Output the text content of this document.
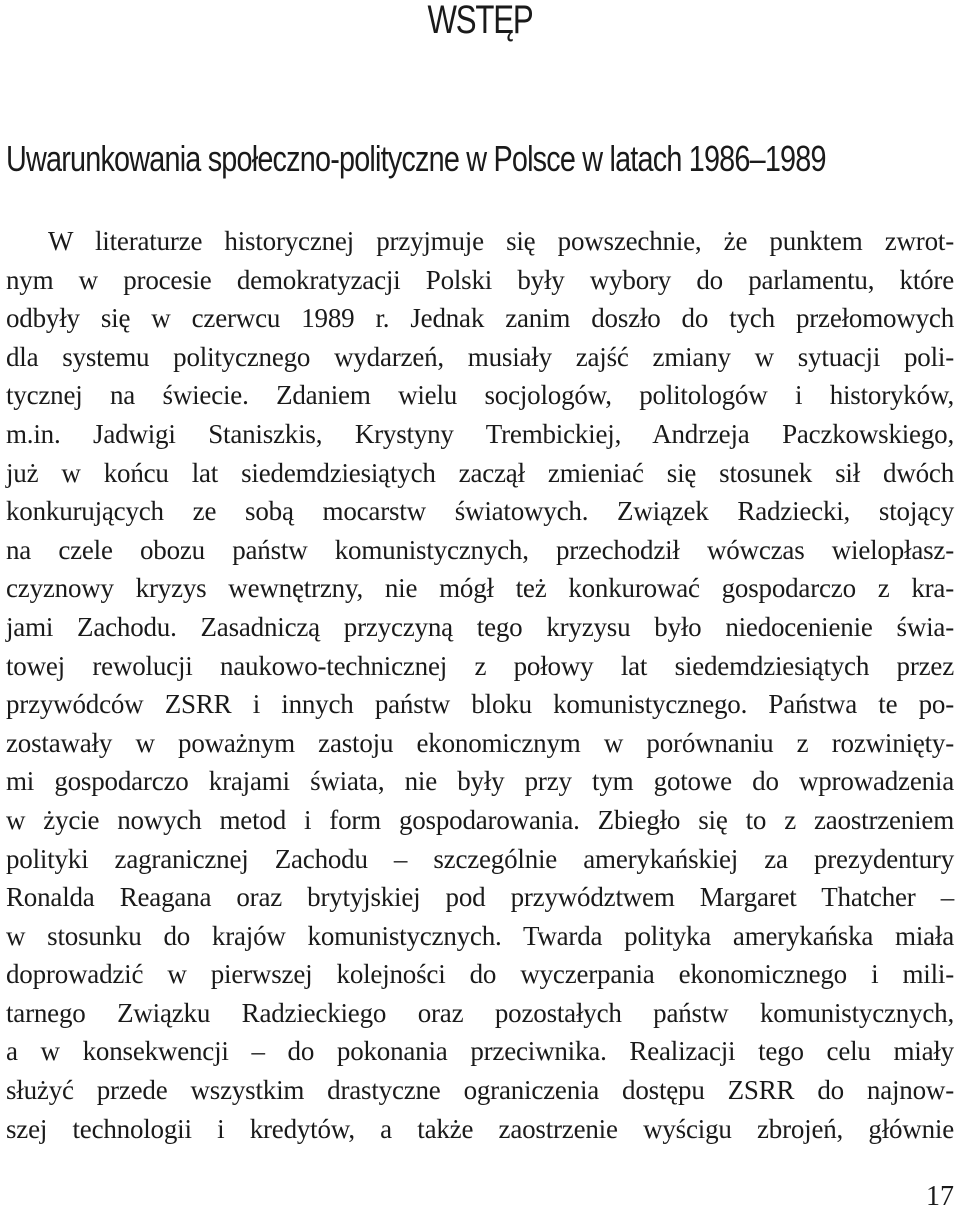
WSTĘP
Uwarunkowania społeczno-polityczne w Polsce w latach 1986–1989
W literaturze historycznej przyjmuje się powszechnie, że punktem zwrot-
nym w procesie demokratyzacji Polski były wybory do parlamentu, które
odbyły się w czerwcu 1989 r. Jednak zanim doszło do tych przełomowych
dla systemu politycznego wydarzeń, musiały zajść zmiany w sytuacji poli-
tycznej na świecie. Zdaniem wielu socjologów, politologów i historyków,
m.in. Jadwigi Staniszkis, Krystyny Trembickiej, Andrzeja Paczkowskiego,
już w końcu lat siedemdziesiątych zaczął zmieniać się stosunek sił dwóch
konkurujących ze sobą mocarstw światowych. Związek Radziecki, stojący
na czele obozu państw komunistycznych, przechodził wówczas wielopłasz-
czyznowy kryzys wewnętrzny, nie mógł też konkurować gospodarczo z kra-
jami Zachodu. Zasadniczą przyczyną tego kryzysu było niedocenienie świa-
towej rewolucji naukowo-technicznej z połowy lat siedemdziesiątych przez
przywódców ZSRR i innych państw bloku komunistycznego. Państwa te po-
zostawały w poważnym zastoju ekonomicznym w porównaniu z rozwinięty-
mi gospodarczo krajami świata, nie były przy tym gotowe do wprowadzenia
w życie nowych metod i form gospodarowania. Zbiegło się to z zaostrzeniem
polityki zagranicznej Zachodu – szczególnie amerykańskiej za prezydentury
Ronalda Reagana oraz brytyjskiej pod przywództwem Margaret Thatcher –
w stosunku do krajów komunistycznych. Twarda polityka amerykańska miała
doprowadzić w pierwszej kolejności do wyczerpania ekonomicznego i mili-
tarnego Związku Radzieckiego oraz pozostałych państw komunistycznych,
a w konsekwencji – do pokonania przeciwnika. Realizacji tego celu miały
służyć przede wszystkim drastyczne ograniczenia dostępu ZSRR do najnow-
szej technologii i kredytów, a także zaostrzenie wyścigu zbrojeń, głównie
17
